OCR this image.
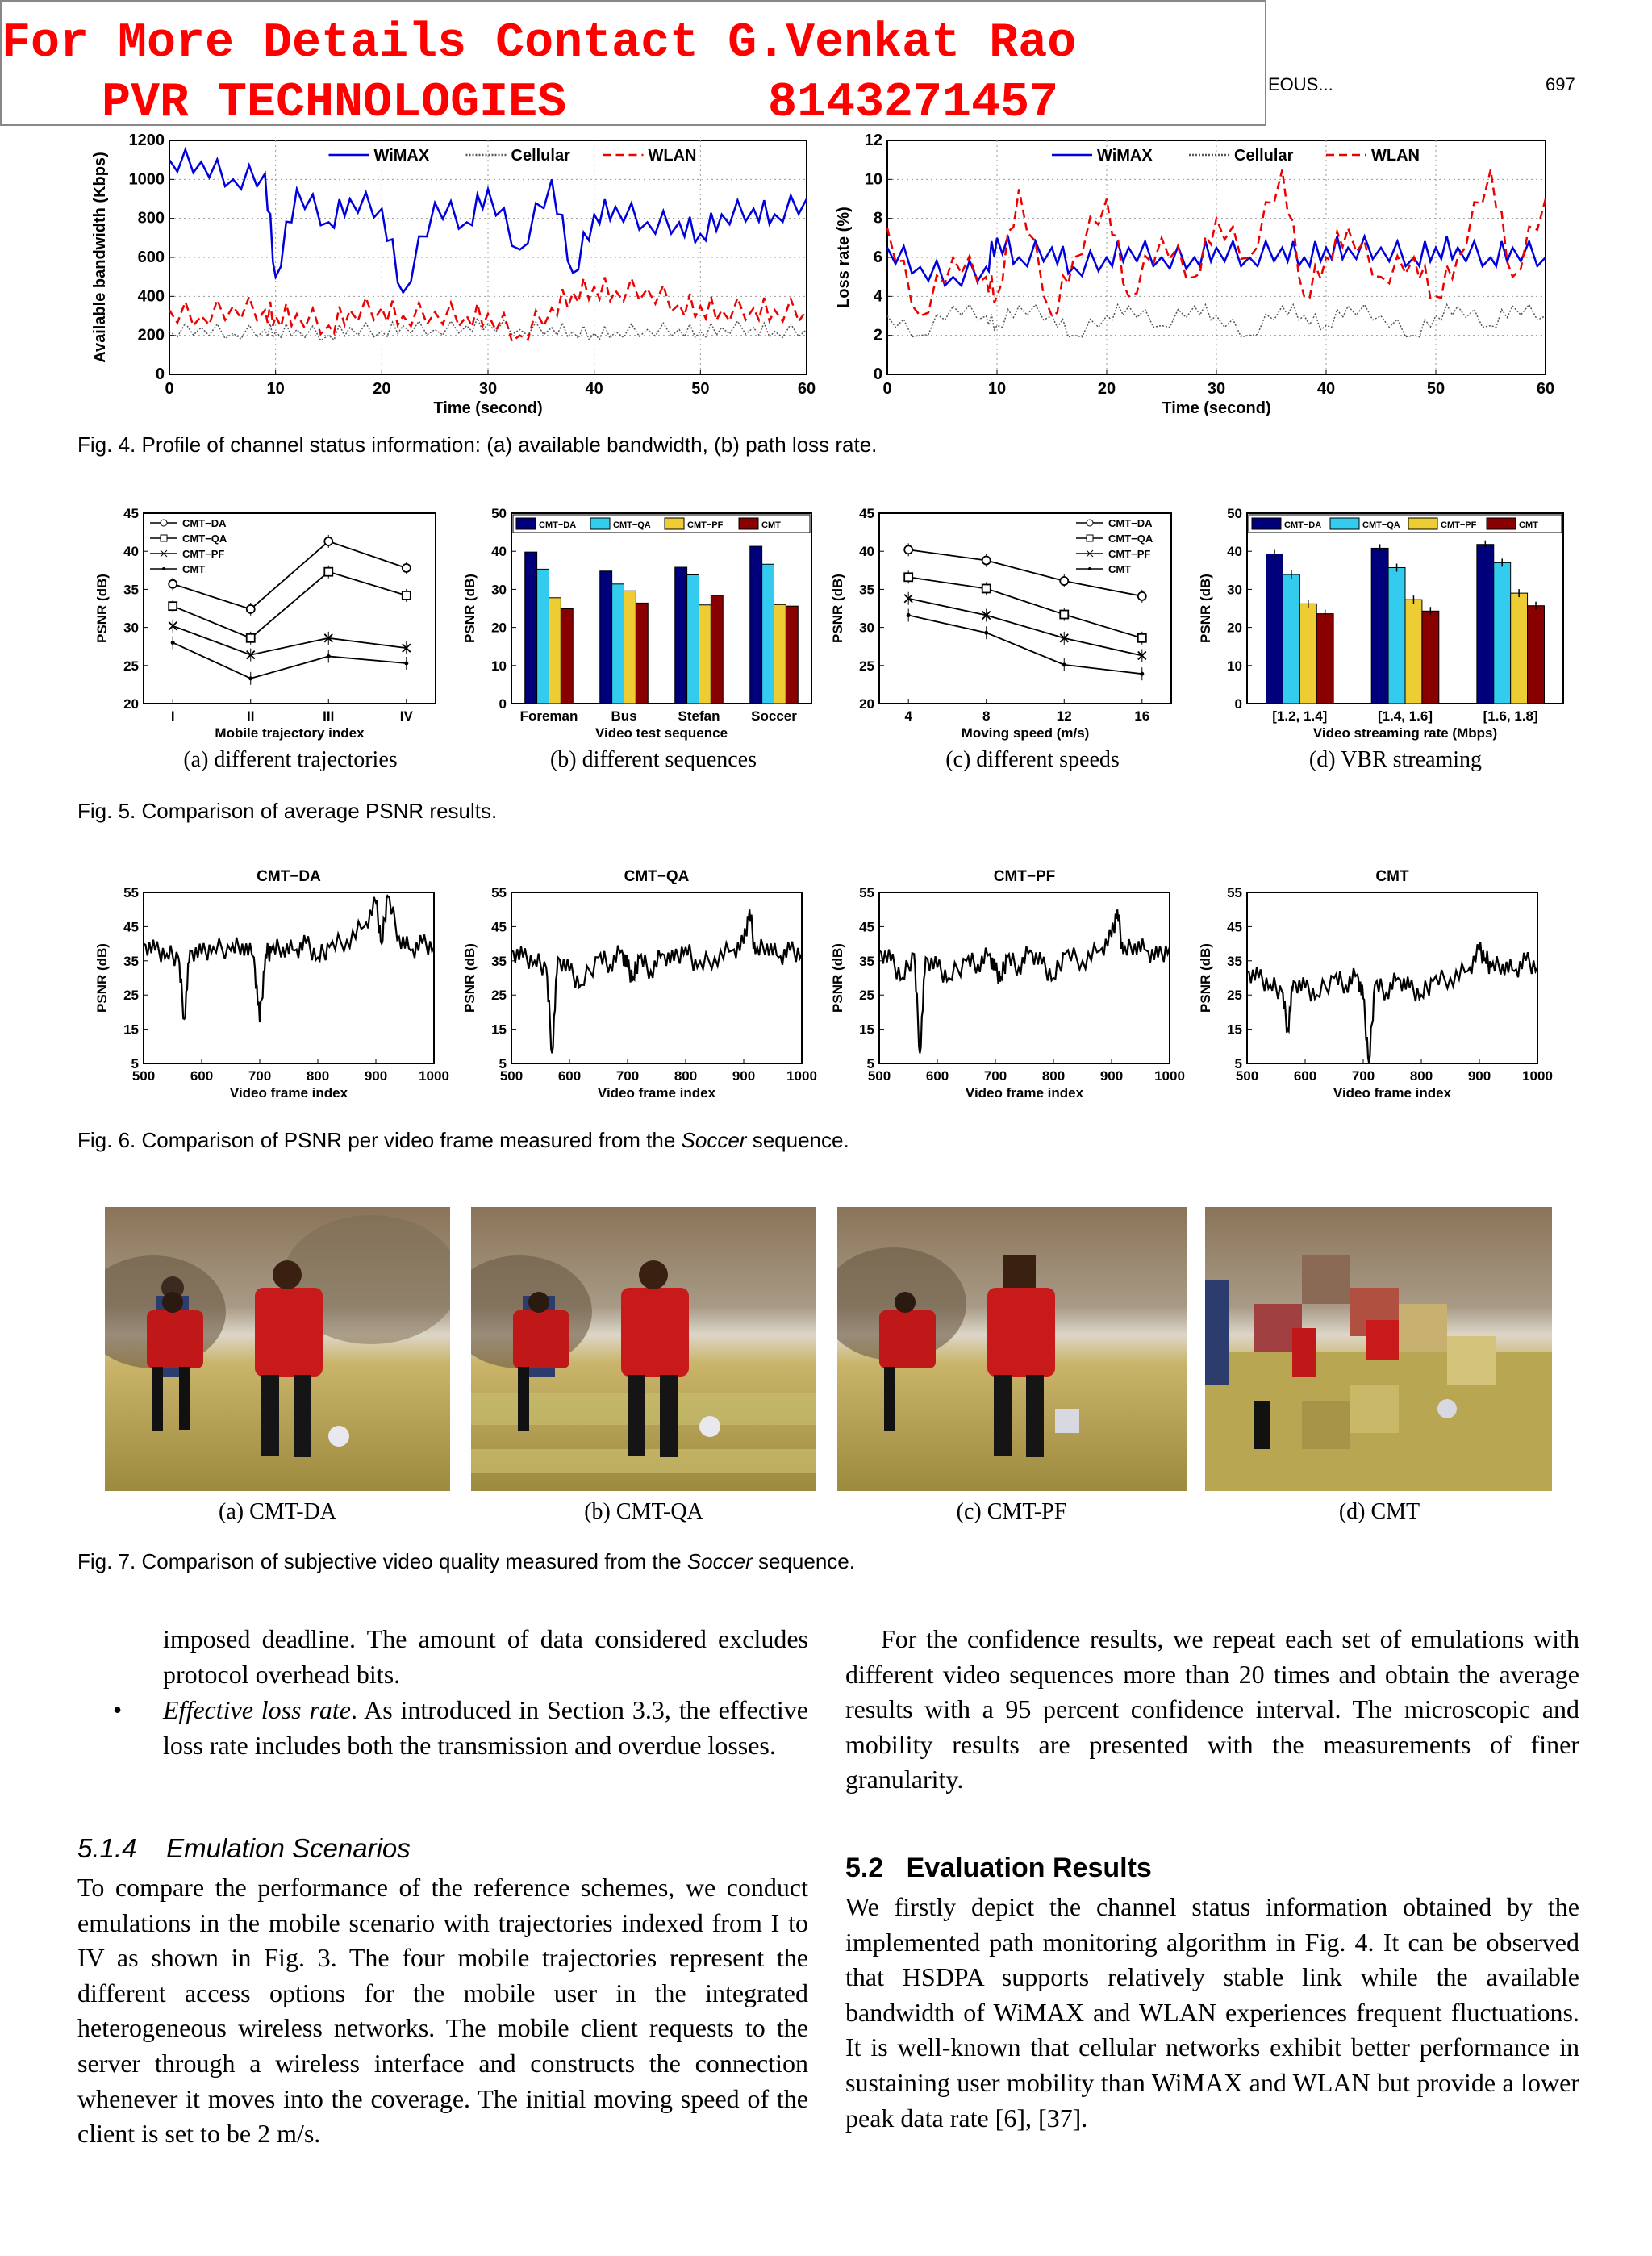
For More Details Contact G.Venkat Rao
PVR TECHNOLOGIES	8143271457	EOUS...	697
0
200
400
600
800
1000
1200
0	10	20	30	40	50	60
Time (second)
Available bandwidth (Kbps)	WiMAX	Cellular	WLAN
0
2
4
6
8
10
12
0	10	20	30	40	50	60
Time (second)
Loss rate (%)
WiMAX	Cellular	WLAN
Fig. 4. Profile of channel status information: (a) available bandwidth, (b) path loss rate.
20
25
30
35
40
45
Mobile trajectory index
PSNR (dB)
I	II	III	IV
CMT−DA
CMT−QA
CMT−PF
CMT
0
10
20
30
40
50
Video test sequence
PSNR (dB)
Foreman Bus	Stefan Soccer
CMT−DA	CMT−QA	CMT−PF	CMT
20
25
30
35
40
45
Moving speed (m/s)
PSNR (dB)
4	8	12	16
CMT−DA
CMT−QA
CMT−PF
CMT
0
10
20
30
40
50
Video streaming rate (Mbps)
PSNR (dB)
[1.2, 1.4]	[1.4, 1.6]	[1.6, 1.8]
CMT−DA	CMT−QA	CMT−PF	CMT
(a) different trajectories	(b) different sequences	(c) different speeds	(d) VBR streaming
Fig. 5. Comparison of average PSNR results.
CMT−DA
5
15
25
35
45
55
500	600	700	800	900 1000
Video frame index
PSNR (dB)
CMT−QA
5
15
25
35
45
55
500	600	700	800	900 1000
Video frame index
PSNR (dB)
CMT−PF
5
15
25
35
45
55
500	600	700	800	900 1000
Video frame index
PSNR (dB)
CMT
5
15
25
35
45
55
500	600	700	800	900 1000
Video frame index
PSNR (dB)
Fig. 6. Comparison of PSNR per video frame measured from the Soccer sequence.
(a) CMT-DA	(b) CMT-QA	(c) CMT-PF	(d) CMT
Fig. 7. Comparison of subjective video quality measured from the Soccer sequence.
imposed deadline. The amount of data considered excludes protocol overhead bits.
•	Effective loss rate. As introduced in Section 3.3, the effective loss rate includes both the transmission and overdue losses.
5.1.4 Emulation Scenarios
To compare the performance of the reference schemes, we conduct emulations in the mobile scenario with trajectories indexed from I to IV as shown in Fig. 3. The four mobile trajectories represent the different access options for the mobile user in the integrated heterogeneous wireless networks. The mobile client requests to the server through a wireless interface and constructs the connection whenever it moves into the coverage. The initial moving speed of the client is set to be 2 m/s.
For the confidence results, we repeat each set of emulations with different video sequences more than 20 times and obtain the average results with a 95 percent confidence interval. The microscopic and mobility results are presented with the measurements of finer granularity.
5.2 Evaluation Results
We firstly depict the channel status information obtained by the implemented path monitoring algorithm in Fig. 4. It can be observed that HSDPA supports relatively stable link while the available bandwidth of WiMAX and WLAN experiences frequent fluctuations. It is well-known that cellular networks exhibit better performance in sustaining user mobility than WiMAX and WLAN but provide a lower peak data rate [6], [37].
